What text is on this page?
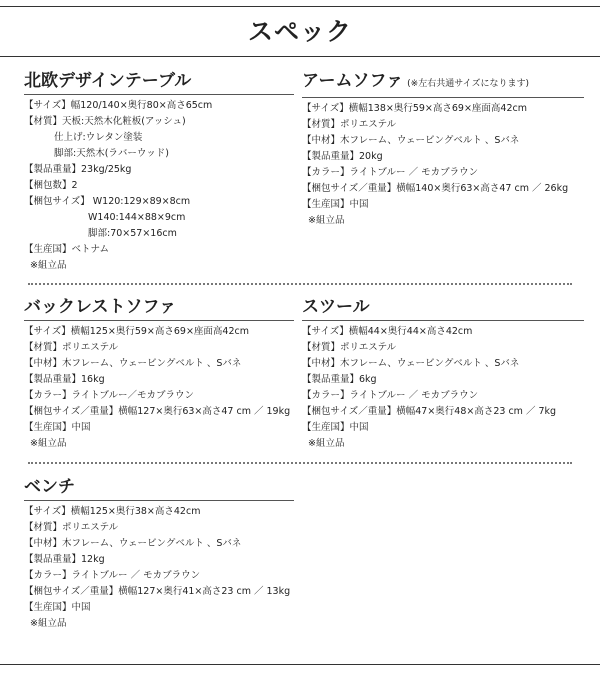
スペック
北欧デザインテーブル
【サイズ】幅120/140×奥行80×高さ65cm
【材質】天板:天然木化粧板(アッシュ)
仕上げ:ウレタン塗装
脚部:天然木(ラバーウッド)
【製品重量】23kg/25kg
【梱包数】2
【梱包サイズ】 W120:129×89×8cm
W140:144×88×9cm
脚部:70×57×16cm
【生産国】ベトナム
※組立品
アームソファ (※左右共通サイズになります)
【サイズ】横幅138×奥行59×高さ69×座面高42cm
【材質】ポリエステル
【中材】木フレーム、ウェービングベルト 、Sバネ
【製品重量】20kg
【カラー】ライトブルー ／ モカブラウン
【梱包サイズ／重量】横幅140×奥行63×高さ47 cm ／ 26kg
【生産国】中国
※組立品
バックレストソファ
【サイズ】横幅125×奥行59×高さ69×座面高42cm
【材質】ポリエステル
【中材】木フレーム、ウェービングベルト 、Sバネ
【製品重量】16kg
【カラー】ライトブルー／モカブラウン
【梱包サイズ／重量】横幅127×奥行63×高さ47 cm ／ 19kg
【生産国】中国
※組立品
スツール
【サイズ】横幅44×奥行44×高さ42cm
【材質】ポリエステル
【中材】木フレーム、ウェービングベルト 、Sバネ
【製品重量】6kg
【カラー】ライトブルー ／ モカブラウン
【梱包サイズ／重量】横幅47×奥行48×高さ23 cm ／ 7kg
【生産国】中国
※組立品
ベンチ
【サイズ】横幅125×奥行38×高さ42cm
【材質】ポリエステル
【中材】木フレーム、ウェービングベルト 、Sバネ
【製品重量】12kg
【カラー】ライトブルー ／ モカブラウン
【梱包サイズ／重量】横幅127×奥行41×高さ23 cm ／ 13kg
【生産国】中国
※組立品
